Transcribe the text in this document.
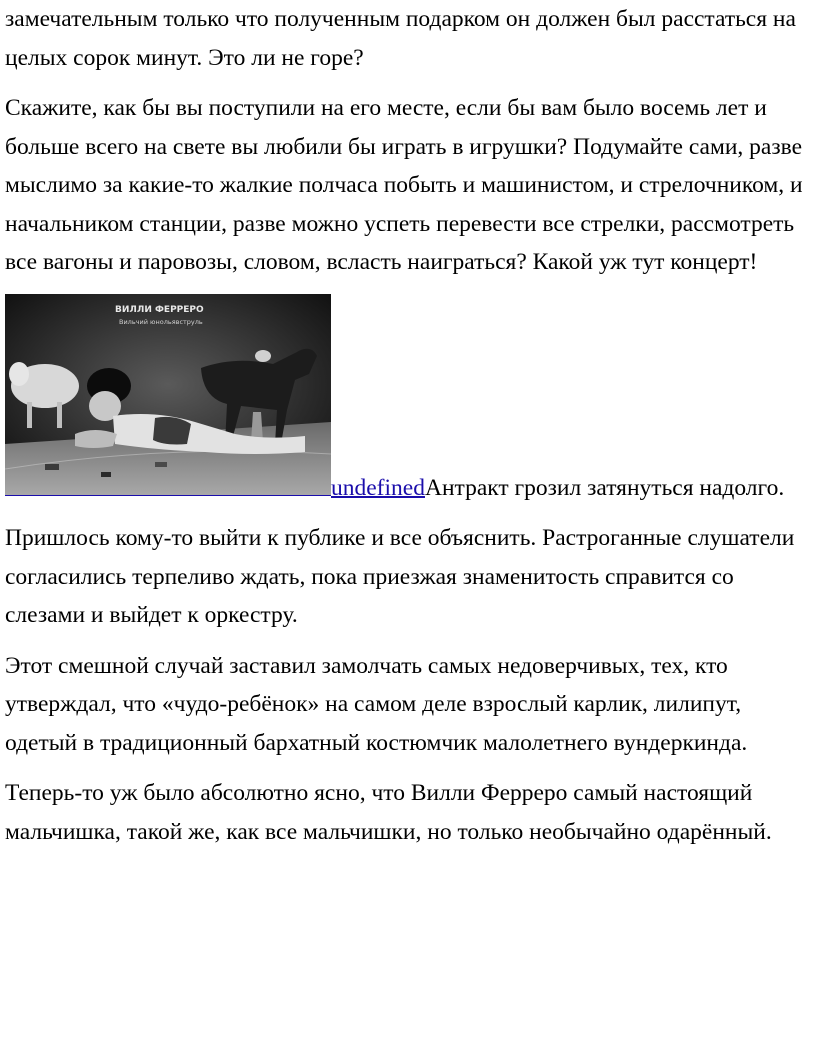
замечательным только что полученным подарком он должен был расстаться на целых сорок минут. Это ли не горе?

Скажите, как бы вы поступили на его месте, если бы вам было восемь лет и больше всего на свете вы любили бы играть в игрушки? Подумайте сами, разве мыслимо за какие-то жалкие полчаса побыть и машинистом, и стрелочником, и начальником станции, разве можно успеть перевести все стрелки, рассмотреть все вагоны и паровозы, словом, всласть наиграться? Какой уж тут концерт!

ВИЛЛИ ФЕРРЕРО
Вильчий юнольявструль
undefinedАнтракт грозил затянуться надолго.

Пришлось кому-то выйти к публике и все объяснить. Растроганные слушатели согласились терпеливо ждать, пока приезжая знаменитость справится со слезами и выйдет к оркестру.

Этот смешной случай заставил замолчать самых недоверчивых, тех, кто утверждал, что «чудо-ребёнок» на самом деле взрослый карлик, лилипут, одетый в традиционный бархатный костюмчик малолетнего вундеркинда.

Теперь-то уж было абсолютно ясно, что Вилли Ферреро самый настоящий мальчишка, такой же, как все мальчишки, но только необычайно одарённый.
